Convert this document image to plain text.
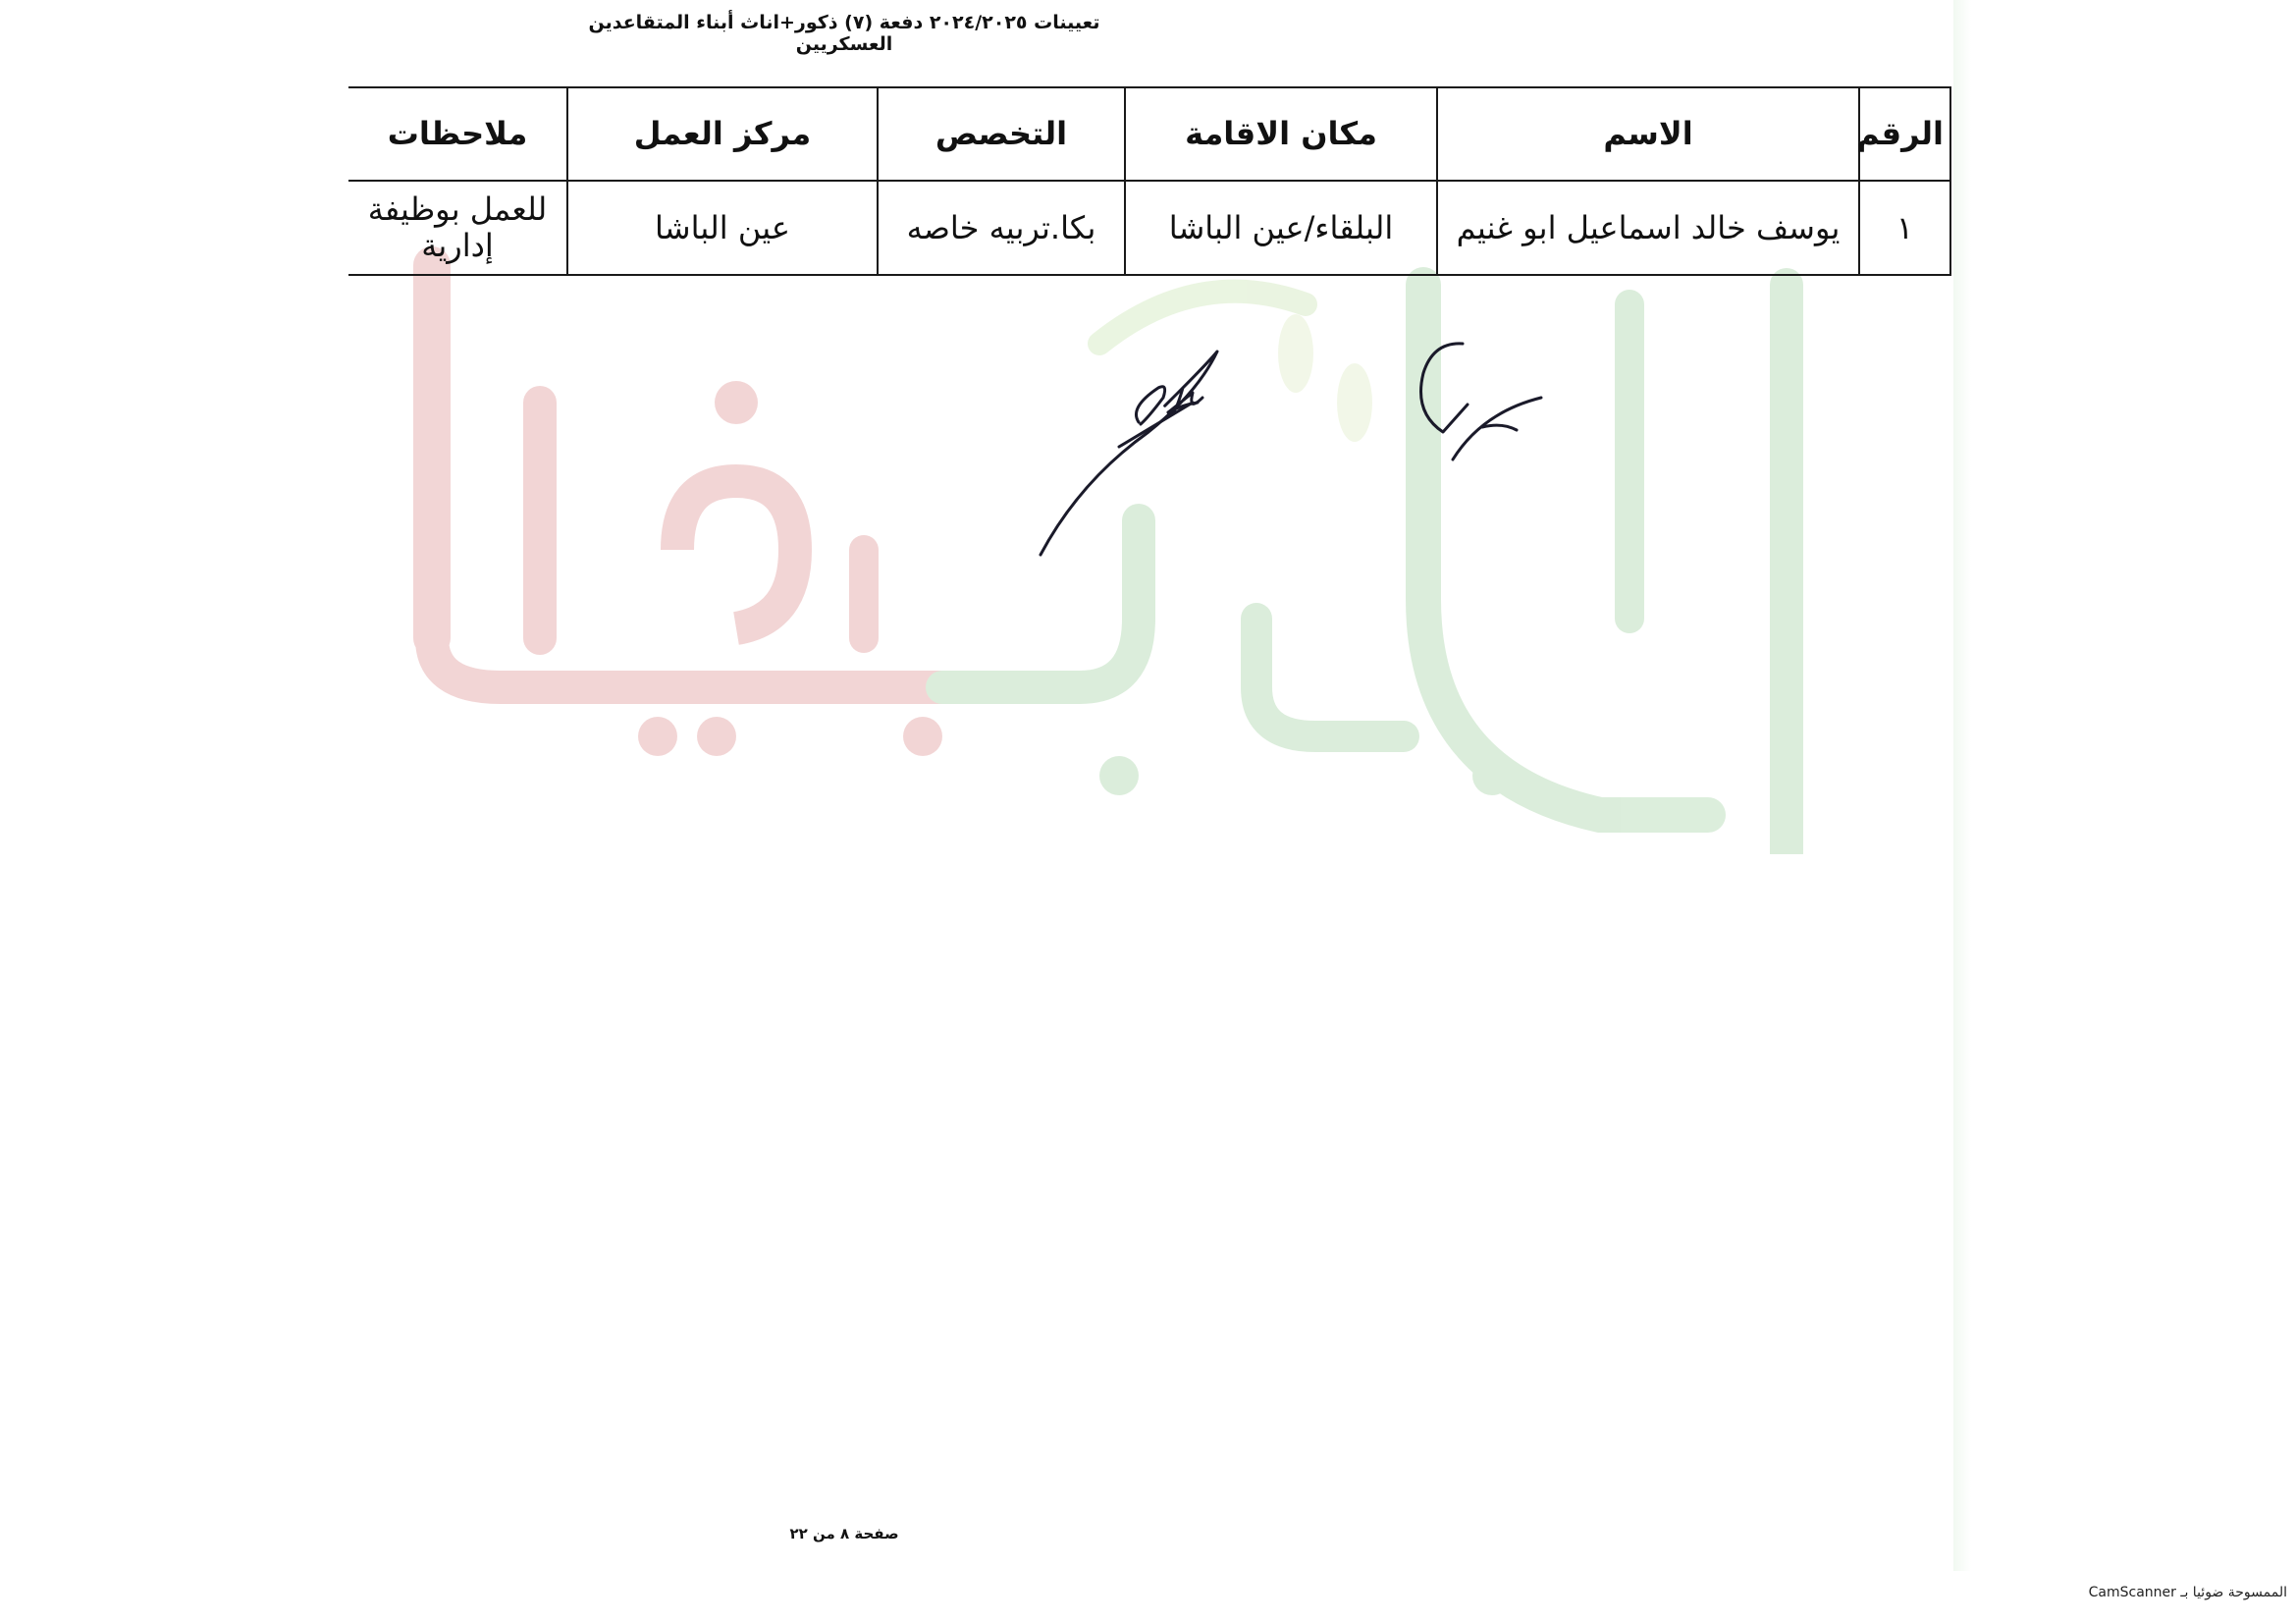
تعيينات ٢٠٢٤/٢٠٢٥ دفعة (٧) ذكور+اناث أبناء المتقاعدين العسكريين
الرقم	الاسم	مكان الاقامة	التخصص	مركز العمل	ملاحظات
١	يوسف خالد اسماعيل ابو غنيم	البلقاء/عين الباشا	بكا.تربيه خاصه	عين الباشا	للعمل بوظيفة إدارية
صفحة ٨ من ٢٢
الممسوحة ضوئيا بـ CamScanner
